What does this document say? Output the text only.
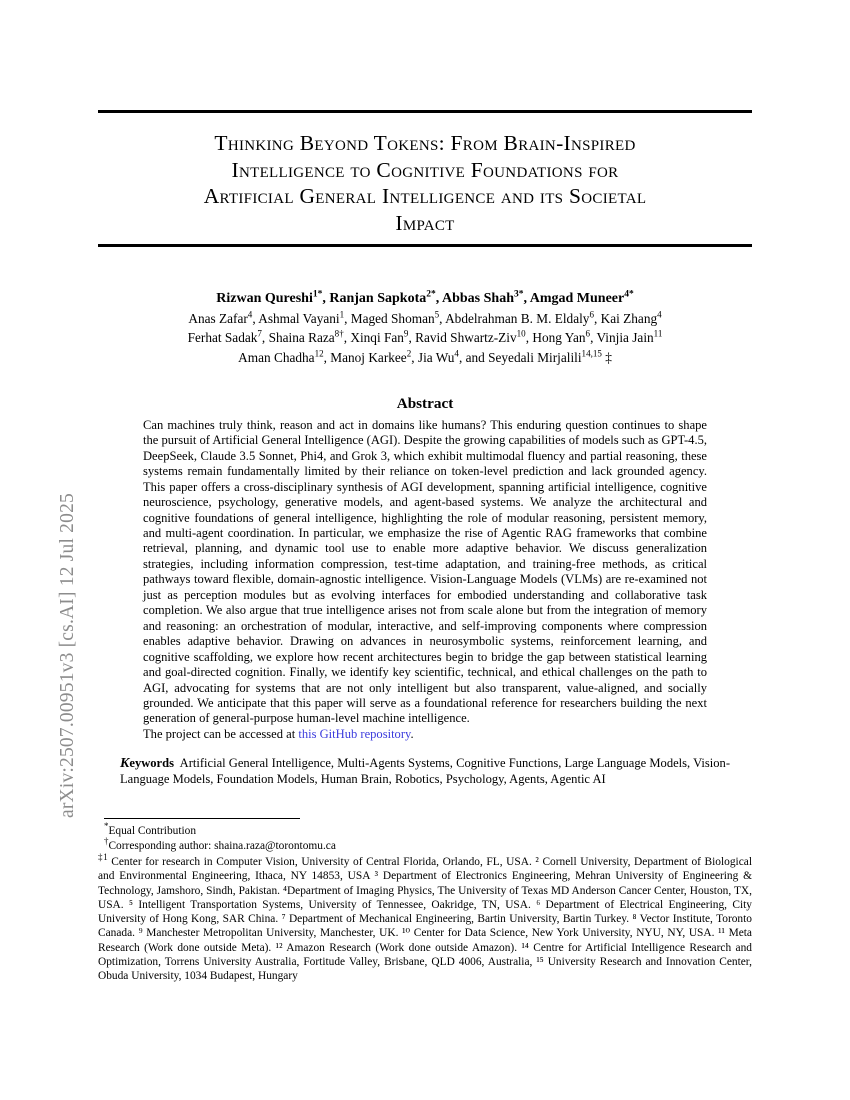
arXiv:2507.00951v3 [cs.AI] 12 Jul 2025
Thinking Beyond Tokens: From Brain-Inspired
Intelligence to Cognitive Foundations for
Artificial General Intelligence and its Societal
Impact
Rizwan Qureshi$^{1*}$, Ranjan Sapkota$^{2*}$, Abbas Shah$^{3*}$, Amgad Muneer$^{4*}$
Anas Zafar$^4$, Ashmal Vayani$^1$, Maged Shoman$^5$, Abdelrahman B. M. Eldaly$^6$, Kai Zhang$^4$
Ferhat Sadak$^7$, Shaina Raza$^{8\dagger}$, Xinqi Fan$^9$, Ravid Shwartz-Ziv$^{10}$, Hong Yan$^6$, Vinjia Jain$^{11}$
Aman Chadha$^{12}$, Manoj Karkee$^2$, Jia Wu$^4$, and Seyedali Mirjalili$^{14,15}$ ‡
Abstract

Can machines truly think, reason and act in domains like humans? This enduring question continues to shape the pursuit of Artificial General Intelligence (AGI). Despite the growing capabilities of models such as GPT-4.5, DeepSeek, Claude 3.5 Sonnet, Phi4, and Grok 3, which exhibit multimodal fluency and partial reasoning, these systems remain fundamentally limited by their reliance on token-level prediction and lack grounded agency. This paper offers a cross-disciplinary synthesis of AGI development, spanning artificial intelligence, cognitive neuroscience, psychology, generative models, and agent-based systems. We analyze the architectural and cognitive foundations of general intelligence, highlighting the role of modular reasoning, persistent memory, and multi-agent coordination. In particular, we emphasize the rise of Agentic RAG frameworks that combine retrieval, planning, and dynamic tool use to enable more adaptive behavior. We discuss generalization strategies, including information compression, test-time adaptation, and training-free methods, as critical pathways toward flexible, domain-agnostic intelligence. Vision-Language Models (VLMs) are re-examined not just as perception modules but as evolving interfaces for embodied understanding and collaborative task completion. We also argue that true intelligence arises not from scale alone but from the integration of memory and reasoning: an orchestration of modular, interactive, and self-improving components where compression enables adaptive behavior. Drawing on advances in neurosymbolic systems, reinforcement learning, and cognitive scaffolding, we explore how recent architectures begin to bridge the gap between statistical learning and goal-directed cognition. Finally, we identify key scientific, technical, and ethical challenges on the path to AGI, advocating for systems that are not only intelligent but also transparent, value-aligned, and socially grounded. We anticipate that this paper will serve as a foundational reference for researchers building the next generation of general-purpose human-level machine intelligence.

The project can be accessed at this GitHub repository.

Keywords Artificial General Intelligence, Multi-Agents Systems, Cognitive Functions, Large Language Models, Vision-Language Models, Foundation Models, Human Brain, Robotics, Psychology, Agents, Agentic AI
*Equal Contribution
†Corresponding author: shaina.raza@torontomu.ca
$^{\ddagger 1}$ Center for research in Computer Vision, University of Central Florida, Orlando, FL, USA. ² Cornell University, Department of Biological and Environmental Engineering, Ithaca, NY 14853, USA ³ Department of Electronics Engineering, Mehran University of Engineering & Technology, Jamshoro, Sindh, Pakistan. ⁴Department of Imaging Physics, The University of Texas MD Anderson Cancer Center, Houston, TX, USA. ⁵ Intelligent Transportation Systems, University of Tennessee, Oakridge, TN, USA. ⁶ Department of Electrical Engineering, City University of Hong Kong, SAR China. ⁷ Department of Mechanical Engineering, Bartin University, Bartin Turkey. ⁸ Vector Institute, Toronto Canada. ⁹ Manchester Metropolitan University, Manchester, UK. ¹⁰ Center for Data Science, New York University, NYU, NY, USA. ¹¹ Meta Research (Work done outside Meta). ¹² Amazon Research (Work done outside Amazon). ¹⁴ Centre for Artificial Intelligence Research and Optimization, Torrens University Australia, Fortitude Valley, Brisbane, QLD 4006, Australia, ¹⁵ University Research and Innovation Center, Obuda University, 1034 Budapest, Hungary
